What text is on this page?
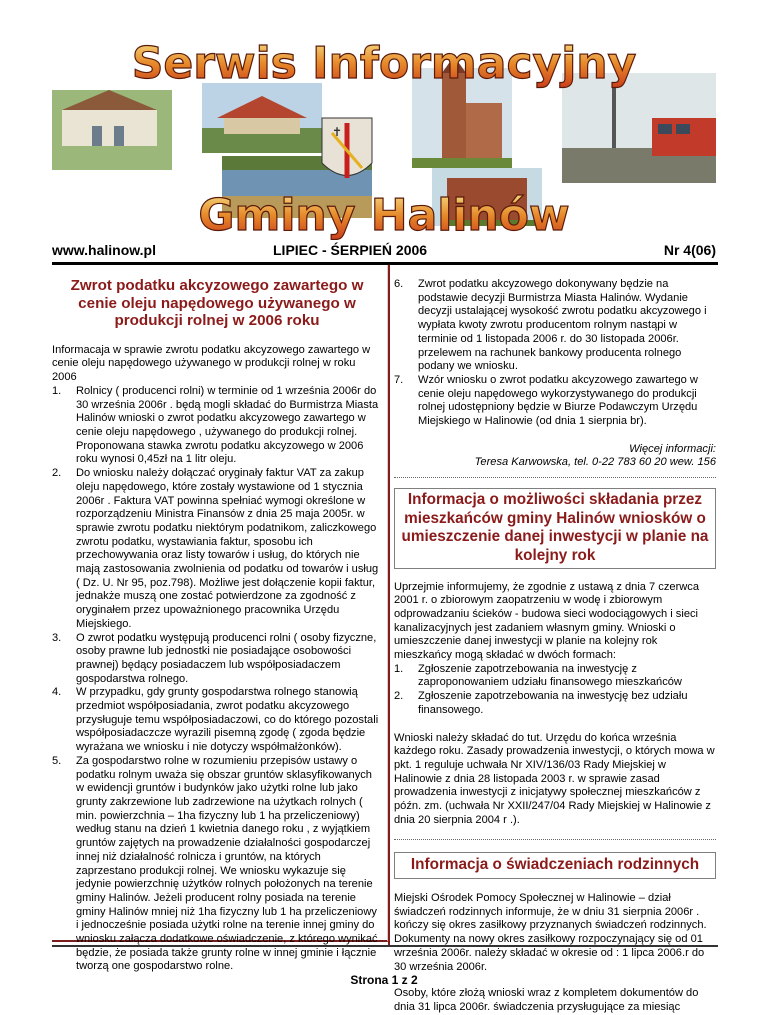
✝
Serwis Informacyjny
Gminy Halinów
www.halinow.pl	LIPIEC - ŚERPIEŃ 2006	Nr 4(06)
Zwrot podatku akcyzowego zawartego w cenie oleju napędowego używanego w produkcji rolnej w 2006 roku

Informacaja w sprawie zwrotu podatku akcyzowego zawartego w cenie oleju napędowego używanego w produkcji rolnej w roku 2006

1. Rolnicy ( producenci rolni) w terminie od 1 września 2006r do 30 września 2006r . będą mogli składać do Burmistrza Miasta Halinów wnioski o zwrot podatku akcyzowego zawartego w cenie oleju napędowego , używanego do produkcji rolnej. Proponowana stawka zwrotu podatku akcyzowego w 2006 roku wynosi 0,45zł na 1 litr oleju.
2. Do wniosku należy dołączać oryginały faktur VAT za zakup oleju napędowego, które zostały wystawione od 1 stycznia 2006r . Faktura VAT powinna spełniać wymogi określone w rozporządzeniu Ministra Finansów z dnia 25 maja 2005r. w sprawie zwrotu podatku niektórym podatnikom, zaliczkowego zwrotu podatku, wystawiania faktur, sposobu ich przechowywania oraz listy towarów i usług, do których nie mają zastosowania zwolnienia od podatku od towarów i usług ( Dz. U. Nr 95, poz.798). Możliwe jest dołączenie kopii faktur, jednakże muszą one zostać potwierdzone za zgodność z oryginałem przez upoważnionego pracownika Urzędu Miejskiego.
3. O zwrot podatku występują producenci rolni ( osoby fizyczne, osoby prawne lub jednostki nie posiadające osobowości prawnej) będący posiadaczem lub współposiadaczem gospodarstwa rolnego.
4. W przypadku, gdy grunty gospodarstwa rolnego stanowią przedmiot współposiadania, zwrot podatku akcyzowego przysługuje temu współposiadaczowi, co do którego pozostali współposiadaczcze wyrazili pisemną zgodę ( zgoda będzie wyrażana we wniosku i nie dotyczy współmałżonków).
5. Za gospodarstwo rolne w rozumieniu przepisów ustawy o podatku rolnym uważa się obszar gruntów sklasyfikowanych w ewidencji gruntów i budynków jako użytki rolne lub jako grunty zakrzewione lub zadrzewione na użytkach rolnych ( min. powierzchnia – 1ha fizyczny lub 1 ha przeliczeniowy) według stanu na dzień 1 kwietnia danego roku , z wyjątkiem gruntów zajętych na prowadzenie działalności gospodarczej innej niż działalność rolnicza i gruntów, na których zaprzestano produkcji rolnej. We wniosku wykazuje się jedynie powierzchnię użytków rolnych położonych na terenie gminy Halinów. Jeżeli producent rolny posiada na terenie gminy Halinów mniej niż 1ha fizyczny lub 1 ha przeliczeniowy i jednocześnie posiada użytki rolne na terenie innej gminy do wniosku załącza dodatkowe oświadczenie, z którego wynikać będzie, że posiada także grunty rolne w innej gminie i łącznie tworzą one gospodarstwo rolne.
6. Zwrot podatku akcyzowego dokonywany będzie na podstawie decyzji Burmistrza Miasta Halinów. Wydanie decyzji ustalającej wysokość zwrotu podatku akcyzowego i wypłata kwoty zwrotu producentom rolnym nastąpi w terminie od 1 listopada 2006 r. do 30 listopada 2006r. przelewem na rachunek bankowy producenta rolnego podany we wniosku.
7. Wzór wniosku o zwrot podatku akcyzowego zawartego w cenie oleju napędowego wykorzystywanego do produkcji rolnej udostępniony będzie w Biurze Podawczym Urzędu Miejskiego w Halinowie (od dnia 1 sierpnia br).

Więcej informacji:

Teresa Karwowska, tel. 0-22 783 60 20 wew. 156

Informacja o możliwości składania przez mieszkańców gminy Halinów wniosków o umieszczenie danej inwestycji w planie na kolejny rok

Uprzejmie informujemy, że zgodnie z ustawą z dnia 7 czerwca 2001 r. o zbiorowym zaopatrzeniu w wodę i zbiorowym odprowadzaniu ścieków - budowa sieci wodociągowych i sieci kanalizacyjnych jest zadaniem własnym gminy. Wnioski o umieszczenie danej inwestycji w planie na kolejny rok mieszkańcy mogą składać w dwóch formach:

1. Zgłoszenie zapotrzebowania na inwestycję z zaproponowaniem udziału finansowego mieszkańców
2. Zgłoszenie zapotrzebowania na inwestycję bez udziału finansowego.

Wnioski należy składać do tut. Urzędu do końca września każdego roku. Zasady prowadzenia inwestycji, o których mowa w pkt. 1 reguluje uchwała Nr XIV/136/03 Rady Miejskiej w Halinowie z dnia 28 listopada 2003 r. w sprawie zasad prowadzenia inwestycji z inicjatywy społecznej mieszkańców z późn. zm. (uchwała Nr XXII/247/04 Rady Miejskiej w Halinowie z dnia 20 sierpnia 2004 r .).

Informacja o świadczeniach rodzinnych

Miejski Ośrodek Pomocy Społecznej w Halinowie – dział świadczeń rodzinnych informuje, że w dniu 31 sierpnia 2006r . kończy się okres zasiłkowy przyznanych świadczeń rodzinnych. Dokumenty na nowy okres zasiłkowy rozpoczynający się od 01 września 2006r. należy składać w okresie od : 1 lipca 2006.r do 30 września 2006r.

Osoby, które złożą wnioski wraz z kompletem dokumentów do dnia 31 lipca 2006r. świadczenia przysługujące za miesiąc

Strona 1 z 2
